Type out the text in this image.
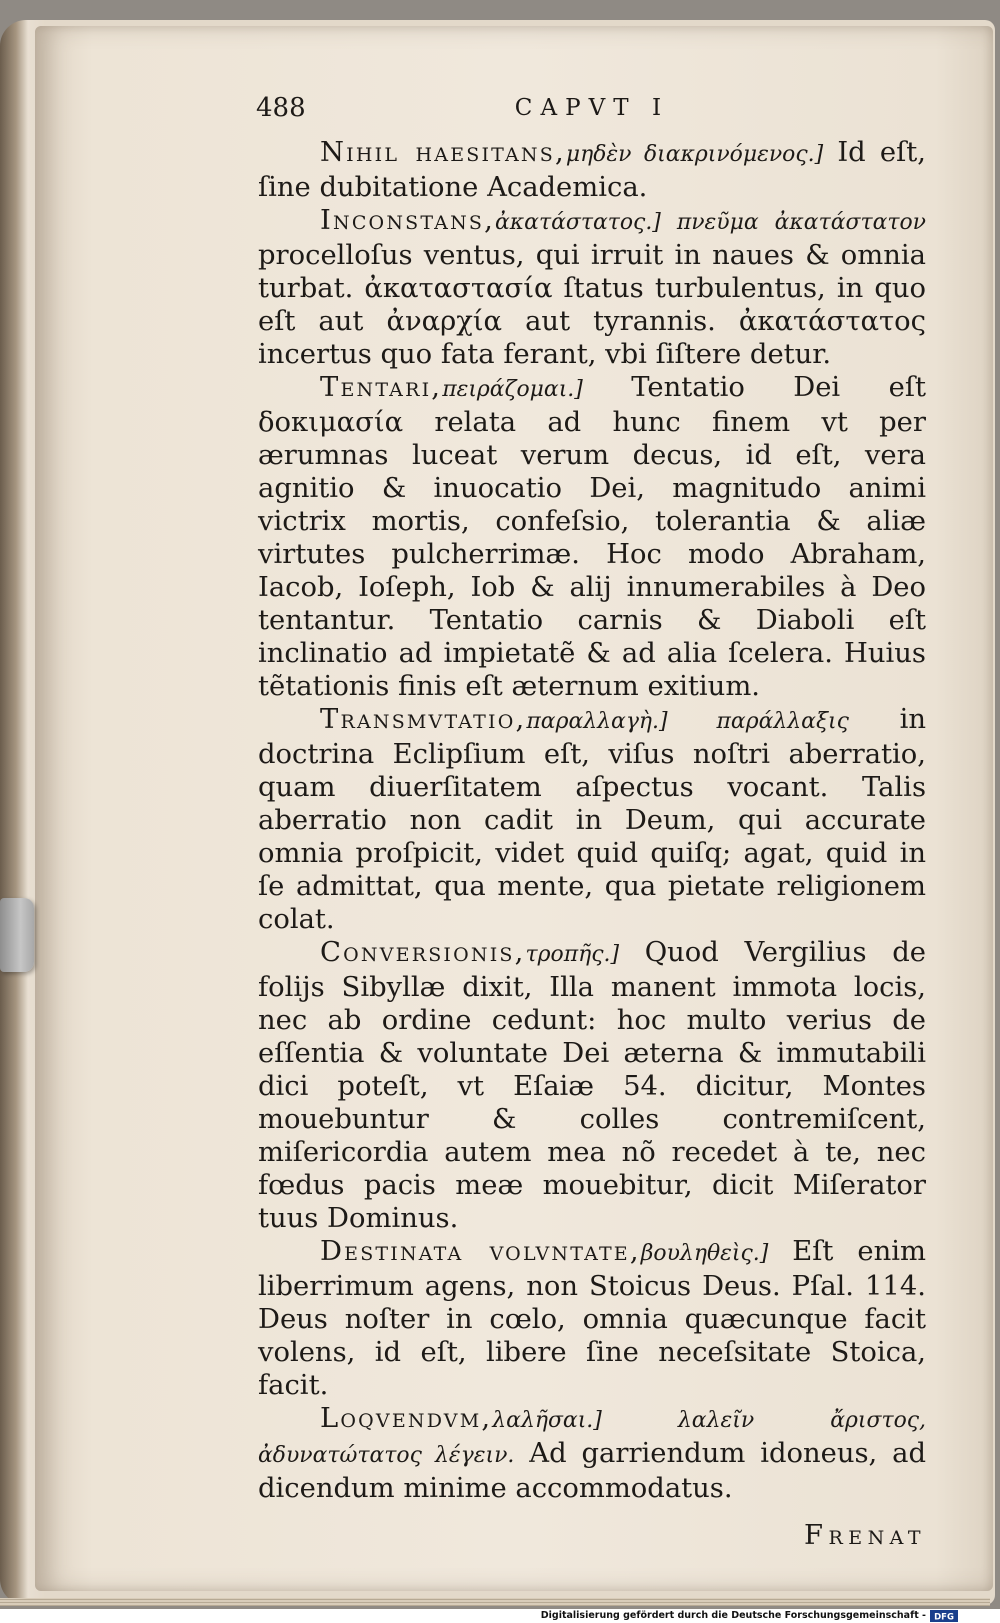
488	CAPVT I

Nihil haesitans,μηδὲν διακρινόμενος.] Id eſt, ſine dubitatione Academica.

Inconstans,ἀκατάστατος.] πνεῦμα ἀκατάστατον procelloſus ventus, qui irruit in naues & omnia turbat. ἀκαταστασία ſtatus turbulentus, in quo eſt aut ἀναρχία aut tyrannis. ἀκατάστατος incertus quo fata ferant, vbi ſiſtere detur.

Tentari,πειράζομαι.] Tentatio Dei eſt δοκιμασία relata ad hunc finem vt per ærumnas luceat verum decus, id eſt, vera agnitio & inuocatio Dei, magnitudo animi victrix mortis, confeſsio, tolerantia & aliæ virtutes pulcherrimæ. Hoc modo Abraham, Iacob, Ioſeph, Iob & alij innumerabiles à Deo tentantur. Tentatio carnis & Diaboli eſt inclinatio ad impietatẽ & ad alia ſcelera. Huius tẽtationis finis eſt æternum exitium.

Transmvtatio,παραλλαγὴ.] παράλλαξις in doctrina Eclipſium eſt, viſus noſtri aberratio, quam diuerſitatem aſpectus vocant. Talis aberratio non cadit in Deum, qui accurate omnia proſpicit, videt quid quiſq; agat, quid in ſe admittat, qua mente, qua pietate religionem colat.

Conversionis,τροπῆς.] Quod Vergilius de folijs Sibyllæ dixit, Illa manent immota locis, nec ab ordine cedunt: hoc multo verius de eſſentia & voluntate Dei æterna & immutabili dici poteſt, vt Eſaiæ 54. dicitur, Montes mouebuntur & colles contremiſcent, miſericordia autem mea nõ recedet à te, nec fœdus pacis meæ mouebitur, dicit Miſerator tuus Dominus.

Destinata volvntate,βουληθεὶς.] Eſt enim liberrimum agens, non Stoicus Deus. Pſal. 114. Deus noſter in cœlo, omnia quæcunque facit volens, id eſt, libere ſine neceſsitate Stoica, facit.

Loqvendvm,λαλῆσαι.] λαλεῖν ἄριστος, ἀδυνατώτατος λέγειν. Ad garriendum idoneus, ad dicendum minime accommodatus.

Frenat
Digitalisierung gefördert durch die Deutsche Forschungsgemeinschaft - DFG
